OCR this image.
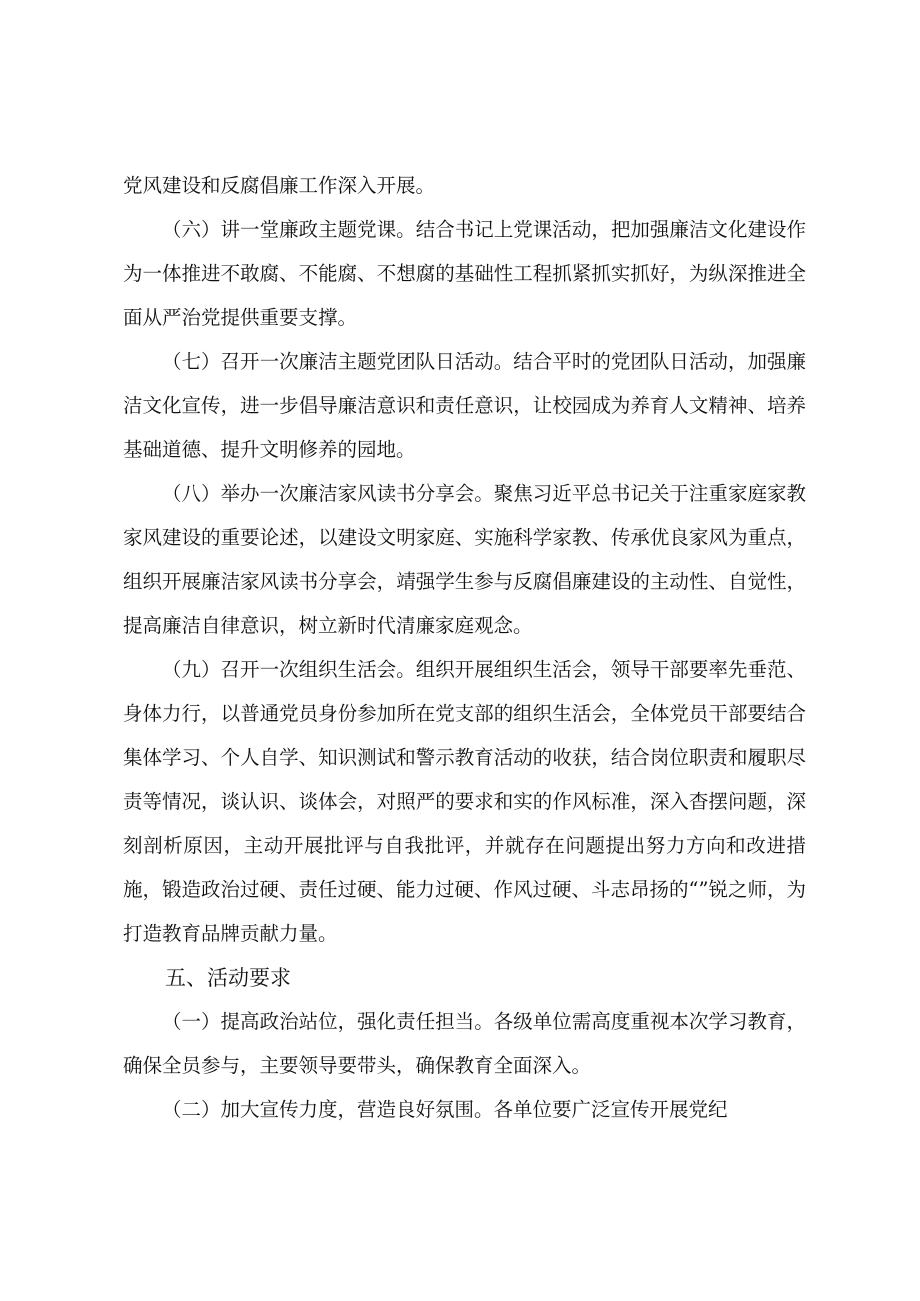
党风建设和反腐倡廉工作深入开展。

（六）讲一堂廉政主题党课。结合书记上党课活动，把加强廉洁文化建设作为一体推进不敢腐、不能腐、不想腐的基础性工程抓紧抓实抓好，为纵深推进全面从严治党提供重要支撑。

（七）召开一次廉洁主题党团队日活动。结合平时的党团队日活动，加强廉洁文化宣传，进一步倡导廉洁意识和责任意识，让校园成为养育人文精神、培养基础道德、提升文明修养的园地。

（八）举办一次廉洁家风读书分享会。聚焦习近平总书记关于注重家庭家教家风建设的重要论述，以建设文明家庭、实施科学家教、传承优良家风为重点，组织开展廉洁家风读书分享会，靖强学生参与反腐倡廉建设的主动性、自觉性，提高廉洁自律意识，树立新时代清廉家庭观念。

（九）召开一次组织生活会。组织开展组织生活会，领导干部要率先垂范、身体力行，以普通党员身份参加所在党支部的组织生活会，全体党员干部要结合集体学习、个人自学、知识测试和警示教育活动的收获，结合岗位职责和履职尽责等情况，谈认识、谈体会，对照严的要求和实的作风标准，深入杳摆问题，深刻剖析原因，主动开展批评与自我批评，并就存在问题提出努力方向和改进措施，锻造政治过硬、责任过硬、能力过硬、作风过硬、斗志昂扬的“”锐之师，为打造教育品牌贡献力量。

五、活动要求

（一）提高政治站位，强化责任担当。各级单位需高度重视本次学习教育，确保全员参与，主要领导要带头，确保教育全面深入。

（二）加大宣传力度，营造良好氛围。各单位要广泛宣传开展党纪
